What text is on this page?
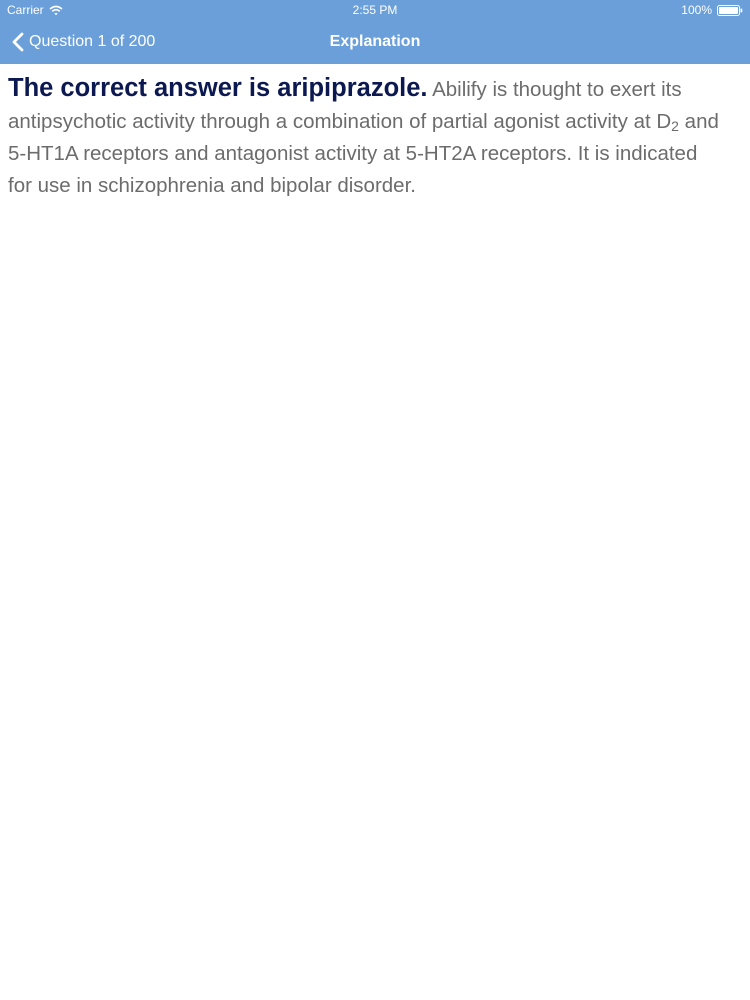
Carrier	2:55 PM	100%
Question 1 of 200	Explanation
The correct answer is aripiprazole. Abilify is thought to exert its antipsychotic activity through a combination of partial agonist activity at $D_2$ and 5-HT1A receptors and antagonist activity at 5-HT2A receptors. It is indicated for use in schizophrenia and bipolar disorder.
